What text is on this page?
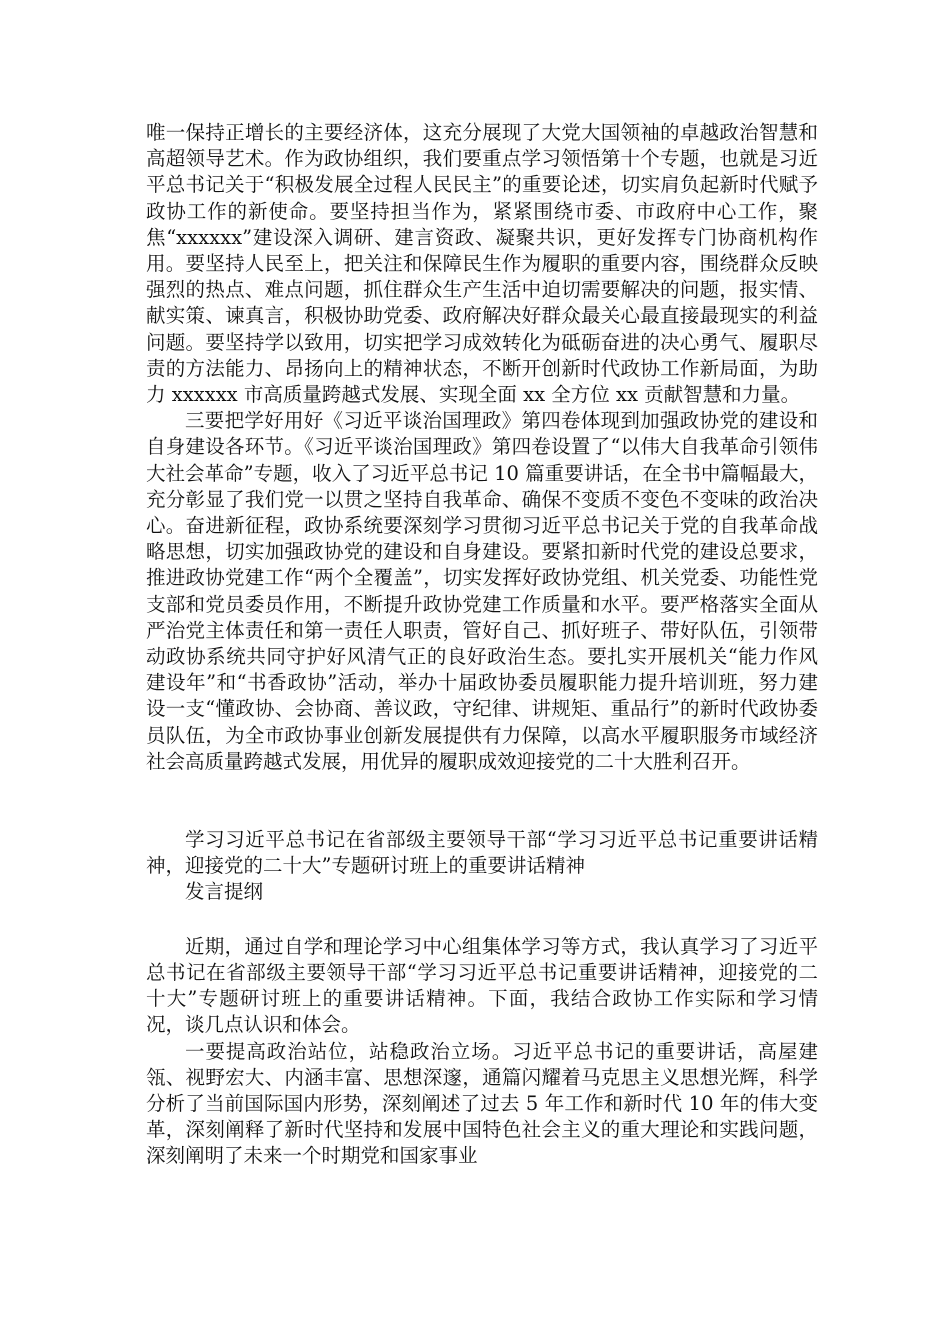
唯一保持正增长的主要经济体，这充分展现了大党大国领袖的卓越政治智慧和高超领导艺术。作为政协组织，我们要重点学习领悟第十个专题，也就是习近平总书记关于“积极发展全过程人民民主”的重要论述，切实肩负起新时代赋予政协工作的新使命。要坚持担当作为，紧紧围绕市委、市政府中心工作，聚焦“xxxxxx”建设深入调研、建言资政、凝聚共识，更好发挥专门协商机构作用。要坚持人民至上，把关注和保障民生作为履职的重要内容，围绕群众反映强烈的热点、难点问题，抓住群众生产生活中迫切需要解决的问题，报实情、献实策、谏真言，积极协助党委、政府解决好群众最关心最直接最现实的利益问题。要坚持学以致用，切实把学习成效转化为砥砺奋进的决心勇气、履职尽责的方法能力、昂扬向上的精神状态，不断开创新时代政协工作新局面，为助力 xxxxxx 市高质量跨越式发展、实现全面 xx 全方位 xx 贡献智慧和力量。

三要把学好用好《习近平谈治国理政》第四卷体现到加强政协党的建设和自身建设各环节。《习近平谈治国理政》第四卷设置了“以伟大自我革命引领伟大社会革命”专题，收入了习近平总书记 10 篇重要讲话，在全书中篇幅最大，充分彰显了我们党一以贯之坚持自我革命、确保不变质不变色不变味的政治决心。奋进新征程，政协系统要深刻学习贯彻习近平总书记关于党的自我革命战略思想，切实加强政协党的建设和自身建设。要紧扣新时代党的建设总要求，推进政协党建工作“两个全覆盖”，切实发挥好政协党组、机关党委、功能性党支部和党员委员作用，不断提升政协党建工作质量和水平。要严格落实全面从严治党主体责任和第一责任人职责，管好自己、抓好班子、带好队伍，引领带动政协系统共同守护好风清气正的良好政治生态。要扎实开展机关“能力作风建设年”和“书香政协”活动，举办十届政协委员履职能力提升培训班，努力建设一支“懂政协、会协商、善议政，守纪律、讲规矩、重品行”的新时代政协委员队伍，为全市政协事业创新发展提供有力保障，以高水平履职服务市域经济社会高质量跨越式发展，用优异的履职成效迎接党的二十大胜利召开。

学习习近平总书记在省部级主要领导干部“学习习近平总书记重要讲话精神，迎接党的二十大”专题研讨班上的重要讲话精神

发言提纲

近期，通过自学和理论学习中心组集体学习等方式，我认真学习了习近平总书记在省部级主要领导干部“学习习近平总书记重要讲话精神，迎接党的二十大”专题研讨班上的重要讲话精神。下面，我结合政协工作实际和学习情况，谈几点认识和体会。

一要提高政治站位，站稳政治立场。习近平总书记的重要讲话，高屋建瓴、视野宏大、内涵丰富、思想深邃，通篇闪耀着马克思主义思想光辉，科学分析了当前国际国内形势，深刻阐述了过去 5 年工作和新时代 10 年的伟大变革，深刻阐释了新时代坚持和发展中国特色社会主义的重大理论和实践问题，深刻阐明了未来一个时期党和国家事业
